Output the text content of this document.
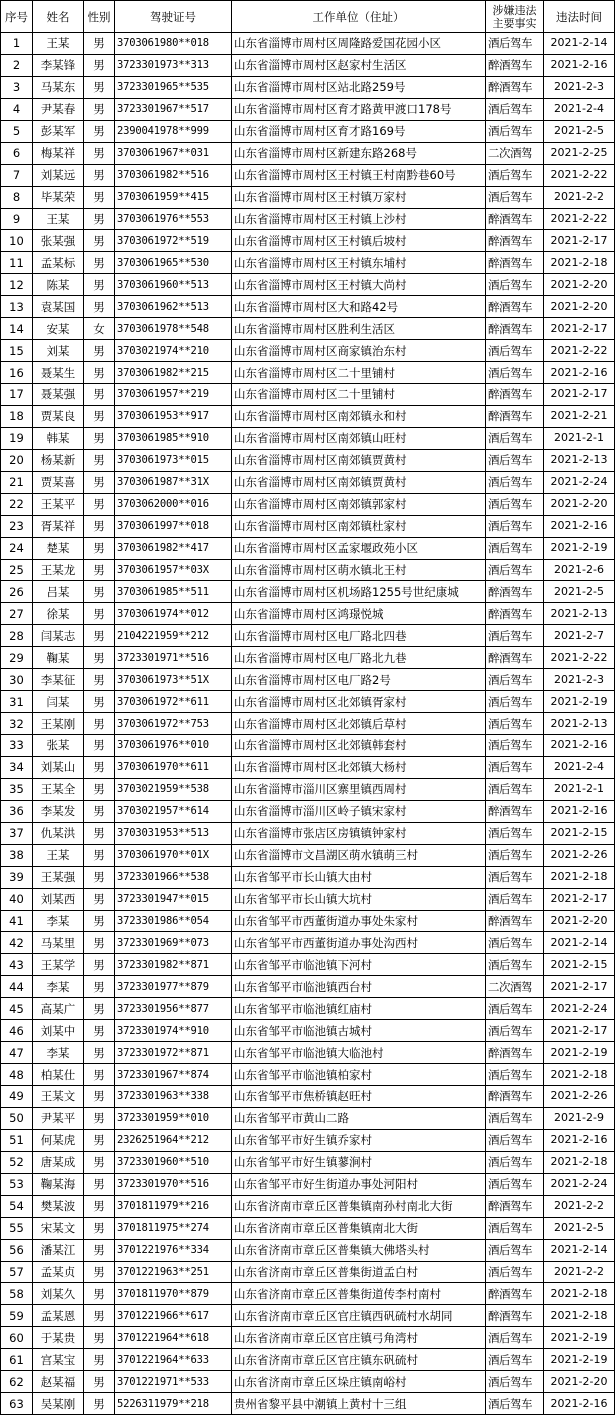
序号	姓名	性别	驾驶证号	工作单位（住址）	涉嫌违法主要事实	违法时间
1	王某	男	3703061980**018	山东省淄博市周村区周隆路爱国花园小区	酒后驾车	2021-2-14
2	李某锋	男	3723301973**313	山东省淄博市周村区赵家村生活区	醉酒驾车	2021-2-16
3	马某东	男	3723301965**535	山东省淄博市周村区站北路259号	醉酒驾车	2021-2-3
4	尹某春	男	3723301967**517	山东省淄博市周村区育才路黄甲渡口178号	酒后驾车	2021-2-4
5	彭某军	男	2390041978**999	山东省淄博市周村区育才路169号	酒后驾车	2021-2-5
6	梅某祥	男	3703061967**031	山东省淄博市周村区新建东路268号	二次酒驾	2021-2-25
7	刘某远	男	3703061982**516	山东省淄博市周村区王村镇王村南黔巷60号	酒后驾车	2021-2-22
8	毕某荣	男	3703061959**415	山东省淄博市周村区王村镇万家村	酒后驾车	2021-2-2
9	王某	男	3703061976**553	山东省淄博市周村区王村镇上沙村	醉酒驾车	2021-2-22
10	张某强	男	3703061972**519	山东省淄博市周村区王村镇后坡村	醉酒驾车	2021-2-17
11	孟某标	男	3703061965**530	山东省淄博市周村区王村镇东埔村	醉酒驾车	2021-2-18
12	陈某	男	3703061960**513	山东省淄博市周村区王村镇大尚村	酒后驾车	2021-2-20
13	袁某国	男	3703061962**513	山东省淄博市周村区大和路42号	醉酒驾车	2021-2-20
14	安某	女	3703061978**548	山东省淄博市周村区胜利生活区	醉酒驾车	2021-2-17
15	刘某	男	3703021974**210	山东省淄博市周村区商家镇治东村	酒后驾车	2021-2-22
16	聂某生	男	3703061982**215	山东省淄博市周村区二十里铺村	酒后驾车	2021-2-16
17	聂某强	男	3703061957**219	山东省淄博市周村区二十里铺村	醉酒驾车	2021-2-17
18	贾某良	男	3703061953**917	山东省淄博市周村区南郊镇永和村	醉酒驾车	2021-2-21
19	韩某	男	3703061985**910	山东省淄博市周村区南郊镇山旺村	酒后驾车	2021-2-1
20	杨某新	男	3703061973**015	山东省淄博市周村区南郊镇贾黄村	酒后驾车	2021-2-13
21	贾某喜	男	3703061987**31X	山东省淄博市周村区南郊镇贾黄村	酒后驾车	2021-2-24
22	王某平	男	3703062000**016	山东省淄博市周村区南郊镇郭家村	酒后驾车	2021-2-20
23	胥某祥	男	3703061997**018	山东省淄博市周村区南郊镇杜家村	酒后驾车	2021-2-16
24	楚某	男	3703061982**417	山东省淄博市周村区孟家堰政苑小区	酒后驾车	2021-2-19
25	王某龙	男	3703061957**03X	山东省淄博市周村区萌水镇北王村	酒后驾车	2021-2-6
26	吕某	男	3703061985**511	山东省淄博市周村区机场路1255号世纪康城	醉酒驾车	2021-2-5
27	徐某	男	3703061974**012	山东省淄博市周村区鸿璟悦城	醉酒驾车	2021-2-13
28	闫某志	男	2104221959**212	山东省淄博市周村区电厂路北四巷	酒后驾车	2021-2-7
29	鞠某	男	3723301971**516	山东省淄博市周村区电厂路北九巷	醉酒驾车	2021-2-22
30	李某征	男	3703061973**51X	山东省淄博市周村区电厂路2号	酒后驾车	2021-2-3
31	闫某	男	3703061972**611	山东省淄博市周村区北郊镇胥家村	酒后驾车	2021-2-19
32	王某刚	男	3703061972**753	山东省淄博市周村区北郊镇后草村	酒后驾车	2021-2-13
33	张某	男	3703061976**010	山东省淄博市周村区北郊镇韩套村	酒后驾车	2021-2-16
34	刘某山	男	3703061970**611	山东省淄博市周村区北郊镇大杨村	酒后驾车	2021-2-4
35	王某全	男	3703021959**538	山东省淄博市淄川区寨里镇西周村	酒后驾车	2021-2-1
36	李某发	男	3703021957**614	山东省淄博市淄川区岭子镇宋家村	醉酒驾车	2021-2-16
37	仇某洪	男	3703031953**513	山东省淄博市张店区房镇镇钟家村	酒后驾车	2021-2-15
38	王某	男	3703061970**01X	山东省淄博市文昌湖区萌水镇萌三村	酒后驾车	2021-2-26
39	王某强	男	3723301966**538	山东省邹平市长山镇大由村	酒后驾车	2021-2-18
40	刘某西	男	3723301947**015	山东省邹平市长山镇大坑村	酒后驾车	2021-2-17
41	李某	男	3723301986**054	山东省邹平市西董街道办事处朱家村	醉酒驾车	2021-2-20
42	马某里	男	3723301969**073	山东省邹平市西董街道办事处沟西村	酒后驾车	2021-2-14
43	王某学	男	3723301982**871	山东省邹平市临池镇下河村	酒后驾车	2021-2-15
44	李某	男	3723301977**879	山东省邹平市临池镇西台村	二次酒驾	2021-2-17
45	高某广	男	3723301956**877	山东省邹平市临池镇红庙村	酒后驾车	2021-2-24
46	刘某中	男	3723301974**910	山东省邹平市临池镇古城村	酒后驾车	2021-2-17
47	李某	男	3723301972**871	山东省邹平市临池镇大临池村	醉酒驾车	2021-2-19
48	柏某仕	男	3723301967**874	山东省邹平市临池镇柏家村	酒后驾车	2021-2-18
49	王某文	男	3723301963**338	山东省邹平市焦桥镇赵旺村	醉酒驾车	2021-2-26
50	尹某平	男	3723301959**010	山东省邹平市黄山二路	酒后驾车	2021-2-9
51	何某虎	男	2326251964**212	山东省邹平市好生镇乔家村	酒后驾车	2021-2-16
52	唐某成	男	3723301960**510	山东省邹平市好生镇蓼涧村	酒后驾车	2021-2-18
53	鞠某海	男	3723301970**516	山东省邹平市好生街道办事处河阳村	酒后驾车	2021-2-24
54	樊某波	男	3701811979**216	山东省济南市章丘区普集镇南孙村南北大街	醉酒驾车	2021-2-2
55	宋某文	男	3701811975**274	山东省济南市章丘区普集镇南北大街	酒后驾车	2021-2-5
56	潘某江	男	3701221976**334	山东省济南市章丘区普集镇大佛塔头村	酒后驾车	2021-2-14
57	孟某贞	男	3701221963**251	山东省济南市章丘区普集街道孟白村	酒后驾车	2021-2-2
58	刘某久	男	3701811970**879	山东省济南市章丘区普集街道传李村南村	醉酒驾车	2021-2-18
59	孟某恩	男	3701221966**617	山东省济南市章丘区官庄镇西矾硫村水胡同	醉酒驾车	2021-2-18
60	于某贵	男	3701221964**618	山东省济南市章丘区官庄镇弓角湾村	酒后驾车	2021-2-19
61	宫某宝	男	3701221964**633	山东省济南市章丘区官庄镇东矾硫村	酒后驾车	2021-2-19
62	赵某福	男	3701221971**533	山东省济南市章丘区垛庄镇南峪村	酒后驾车	2021-2-20
63	吴某刚	男	5226311979**218	贵州省黎平县中潮镇上黄村十三组	酒后驾车	2021-2-16
